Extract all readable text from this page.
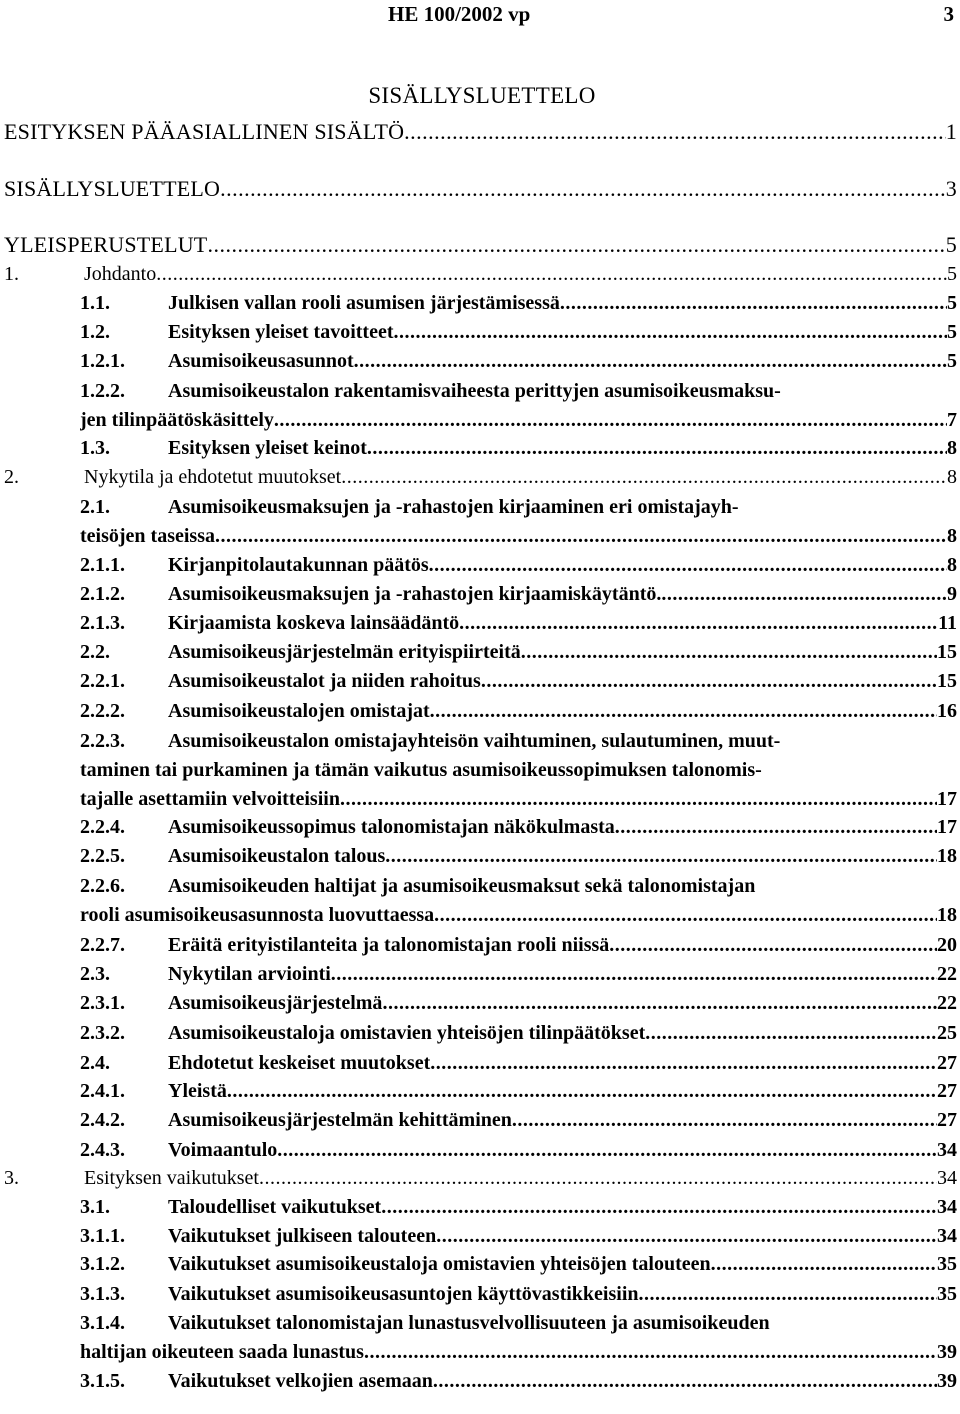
HE 100/2002 vp	3
SISÄLLYSLUETTELO
ESITYKSEN PÄÄASIALLINEN SISÄLTÖ .....	1
SISÄLLYSLUETTELO .....	3
YLEISPERUSTELUT .....	5
1.	Johdanto .....	5
1.1.	Julkisen vallan rooli asumisen järjestämisessä .....	5
1.2.	Esityksen yleiset tavoitteet .....	5
1.2.1. Asumisoikeusasunnot .....	5
1.2.2. Asumisoikeustalon rakentamisvaiheesta perittyjen asumisoikeusmaksu-
jen tilinpäätöskäsittely .....	7
1.3.	Esityksen yleiset keinot .....	8
2.	Nykytila ja ehdotetut muutokset .....	8
2.1.	Asumisoikeusmaksujen ja -rahastojen kirjaaminen eri omistajayh-
teisöjen taseissa .....	8
2.1.1. Kirjanpitolautakunnan päätös .....	8
2.1.2. Asumisoikeusmaksujen ja -rahastojen kirjaamiskäytäntö. .....	9
2.1.3. Kirjaamista koskeva lainsäädäntö .....	11
2.2.	Asumisoikeusjärjestelmän erityispiirteitä .....	15
2.2.1. Asumisoikeustalot ja niiden rahoitus .....	15
2.2.2. Asumisoikeustalojen omistajat .....	16
2.2.3. Asumisoikeustalon omistajayhteisön vaihtuminen, sulautuminen, muut-
taminen tai purkaminen ja tämän vaikutus asumisoikeussopimuksen talonomis-
tajalle asettamiin velvoitteisiin .....	17
2.2.4. Asumisoikeussopimus talonomistajan näkökulmasta .....	17
2.2.5. Asumisoikeustalon talous .....	18
2.2.6. Asumisoikeuden haltijat ja asumisoikeusmaksut sekä talonomistajan
rooli asumisoikeusasunnosta luovuttaessa .....	18
2.2.7. Eräitä erityistilanteita ja talonomistajan rooli niissä .....	20
2.3.	Nykytilan arviointi .....	22
2.3.1. Asumisoikeusjärjestelmä .....	22
2.3.2. Asumisoikeustaloja omistavien yhteisöjen tilinpäätökset .....	25
2.4.	Ehdotetut keskeiset muutokset .....	27
2.4.1. Yleistä .....	27
2.4.2. Asumisoikeusjärjestelmän kehittäminen .....	27
2.4.3. Voimaantulo .....	34
3.	Esityksen vaikutukset .....	34
3.1.	Taloudelliset vaikutukset .....	34
3.1.1. Vaikutukset julkiseen talouteen .....	34
3.1.2. Vaikutukset asumisoikeustaloja omistavien yhteisöjen talouteen .....	35
3.1.3. Vaikutukset asumisoikeusasuntojen käyttövastikkeisiin .....	35
3.1.4. Vaikutukset talonomistajan lunastusvelvollisuuteen ja asumisoikeuden
haltijan oikeuteen saada lunastus .....	39
3.1.5. Vaikutukset velkojien asemaan .....	39
